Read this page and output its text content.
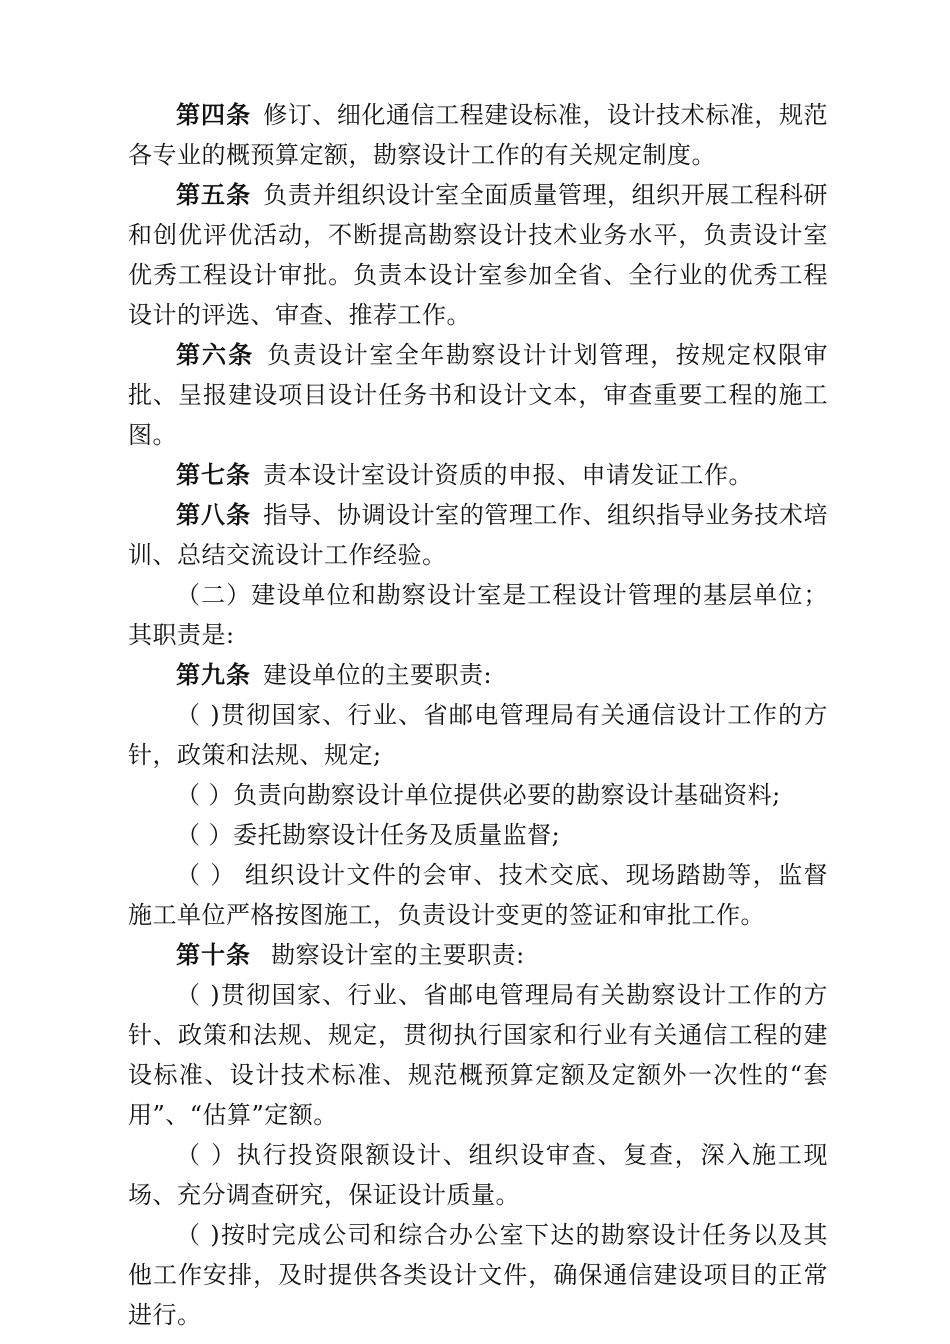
第四条 修订、细化通信工程建设标准，设计技术标准，规范各专业的概预算定额，勘察设计工作的有关规定制度。

第五条 负责并组织设计室全面质量管理，组织开展工程科研和创优评优活动，不断提高勘察设计技术业务水平，负责设计室优秀工程设计审批。负责本设计室参加全省、全行业的优秀工程设计的评选、审查、推荐工作。

第六条 负责设计室全年勘察设计计划管理，按规定权限审批、呈报建设项目设计任务书和设计文本，审查重要工程的施工图。

第七条 责本设计室设计资质的申报、申请发证工作。

第八条 指导、协调设计室的管理工作、组织指导业务技术培训、总结交流设计工作经验。

（二）建设单位和勘察设计室是工程设计管理的基层单位；其职责是:

第九条 建设单位的主要职责:

（ )贯彻国家、行业、省邮电管理局有关通信设计工作的方针，政策和法规、规定;

（ ）负责向勘察设计单位提供必要的勘察设计基础资料;

（ ）委托勘察设计任务及质量监督;

（ ） 组织设计文件的会审、技术交底、现场踏勘等，监督施工单位严格按图施工，负责设计变更的签证和审批工作。

第十条 勘察设计室的主要职责:

（ )贯彻国家、行业、省邮电管理局有关勘察设计工作的方针、政策和法规、规定，贯彻执行国家和行业有关通信工程的建设标准、设计技术标准、规范概预算定额及定额外一次性的“套用”、“估算”定额。

（ ）执行投资限额设计、组织设审查、复查，深入施工现场、充分调查研究，保证设计质量。

（ )按时完成公司和综合办公室下达的勘察设计任务以及其他工作安排，及时提供各类设计文件，确保通信建设项目的正常进行。
